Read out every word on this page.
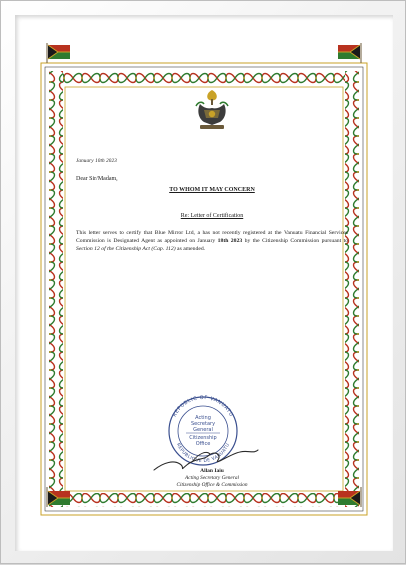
January 10th 2023
Dear Sir/Madam,
TO WHOM IT MAY CONCERN
Re: Letter of Certification
This letter serves to certify that Blue Mirror Ltd, a has not recently registered at the Vanuatu Financial Services Commission is Designated Agent as appointed on January 18th 2023 by the Citizenship Commission pursuant to Section 12 of the Citizenship Act (Cap. 112) as amended.
REPUBLIC OF VANUATU
REPUBLIQUE DE VANUATU
Acting
Secretary
General
Citizenship
Office
Allan Iaiu
Acting Secretary General
Citizenship Office & Commission
